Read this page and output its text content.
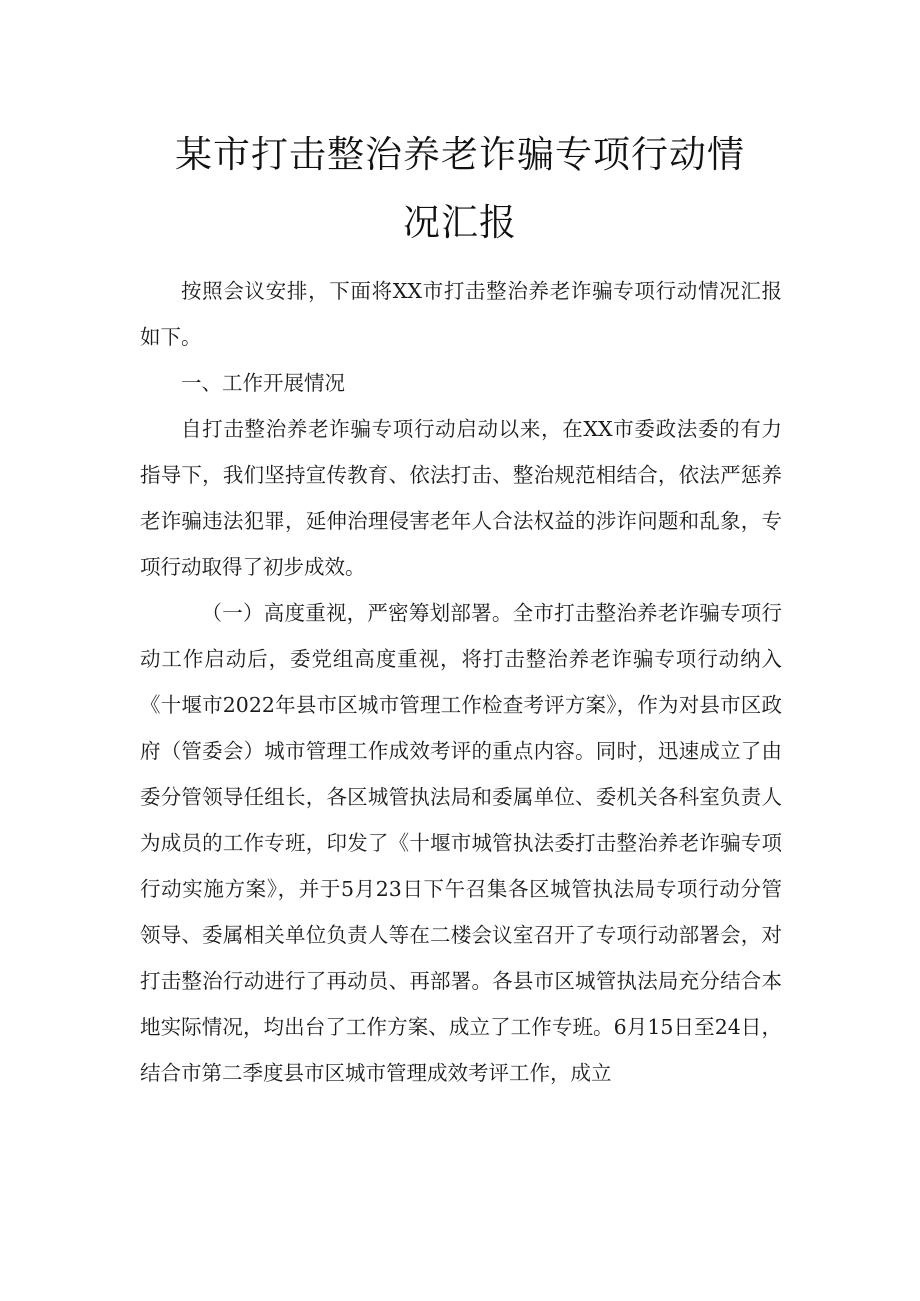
某市打击整治养老诈骗专项行动情
况汇报

按照会议安排，下面将XX市打击整治养老诈骗专项行动情况汇报如下。

一、工作开展情况

自打击整治养老诈骗专项行动启动以来，在XX市委政法委的有力指导下，我们坚持宣传教育、依法打击、整治规范相结合，依法严惩养老诈骗违法犯罪，延伸治理侵害老年人合法权益的涉诈问题和乱象，专项行动取得了初步成效。

（一）高度重视，严密筹划部署。全市打击整治养老诈骗专项行动工作启动后，委党组高度重视，将打击整治养老诈骗专项行动纳入《十堰市2022年县市区城市管理工作检查考评方案》，作为对县市区政府（管委会）城市管理工作成效考评的重点内容。同时，迅速成立了由委分管领导任组长，各区城管执法局和委属单位、委机关各科室负责人为成员的工作专班，印发了《十堰市城管执法委打击整治养老诈骗专项行动实施方案》，并于5月23日下午召集各区城管执法局专项行动分管领导、委属相关单位负责人等在二楼会议室召开了专项行动部署会，对打击整治行动进行了再动员、再部署。各县市区城管执法局充分结合本地实际情况，均出台了工作方案、成立了工作专班。6月15日至24日，结合市第二季度县市区城市管理成效考评工作，成立
